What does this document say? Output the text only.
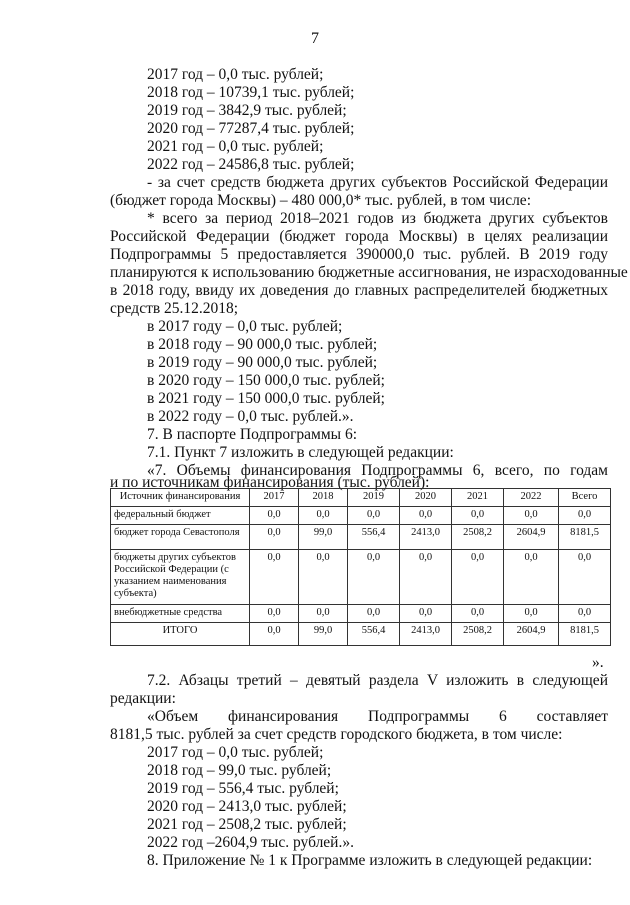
7
2017 год – 0,0 тыс. рублей;
2018 год – 10739,1 тыс. рублей;
2019 год – 3842,9 тыс. рублей;
2020 год – 77287,4 тыс. рублей;
2021 год – 0,0 тыс. рублей;
2022 год – 24586,8 тыс. рублей;
- за счет средств бюджета других субъектов Российской Федерации
(бюджет города Москвы) – 480 000,0* тыс. рублей, в том числе:
* всего за период 2018–2021 годов из бюджета других субъектов
Российской Федерации (бюджет города Москвы) в целях реализации
Подпрограммы 5 предоставляется 390000,0 тыс. рублей. В 2019 году
планируются к использованию бюджетные ассигнования, не израсходованные
в 2018 году, ввиду их доведения до главных распределителей бюджетных
средств 25.12.2018;
в 2017 году – 0,0 тыс. рублей;
в 2018 году – 90 000,0 тыс. рублей;
в 2019 году – 90 000,0 тыс. рублей;
в 2020 году – 150 000,0 тыс. рублей;
в 2021 году – 150 000,0 тыс. рублей;
в 2022 году – 0,0 тыс. рублей.».
7. В паспорте Подпрограммы 6:
7.1. Пункт 7 изложить в следующей редакции:
«7. Объемы финансирования Подпрограммы 6, всего, по годам
и по источникам финансирования (тыс. рублей):
Источник финансирования	2017	2018	2019	2020	2021	2022	Всего
федеральный бюджет	0,0	0,0	0,0	0,0	0,0	0,0	0,0
бюджет города Севастополя	0,0	99,0	556,4	2413,0	2508,2	2604,9	8181,5
бюджеты других субъектов Российской Федерации (с указанием наименования субъекта)	0,0	0,0	0,0	0,0	0,0	0,0	0,0
внебюджетные средства	0,0	0,0	0,0	0,0	0,0	0,0	0,0
ИТОГО	0,0	99,0	556,4	2413,0	2508,2	2604,9	8181,5
».
7.2. Абзацы третий – девятый раздела V изложить в следующей
редакции:
«Объем финансирования Подпрограммы 6 составляет
8181,5 тыс. рублей за счет средств городского бюджета, в том числе:
2017 год – 0,0 тыс. рублей;
2018 год – 99,0 тыс. рублей;
2019 год – 556,4 тыс. рублей;
2020 год – 2413,0 тыс. рублей;
2021 год – 2508,2 тыс. рублей;
2022 год –2604,9 тыс. рублей.».
8. Приложение № 1 к Программе изложить в следующей редакции:
